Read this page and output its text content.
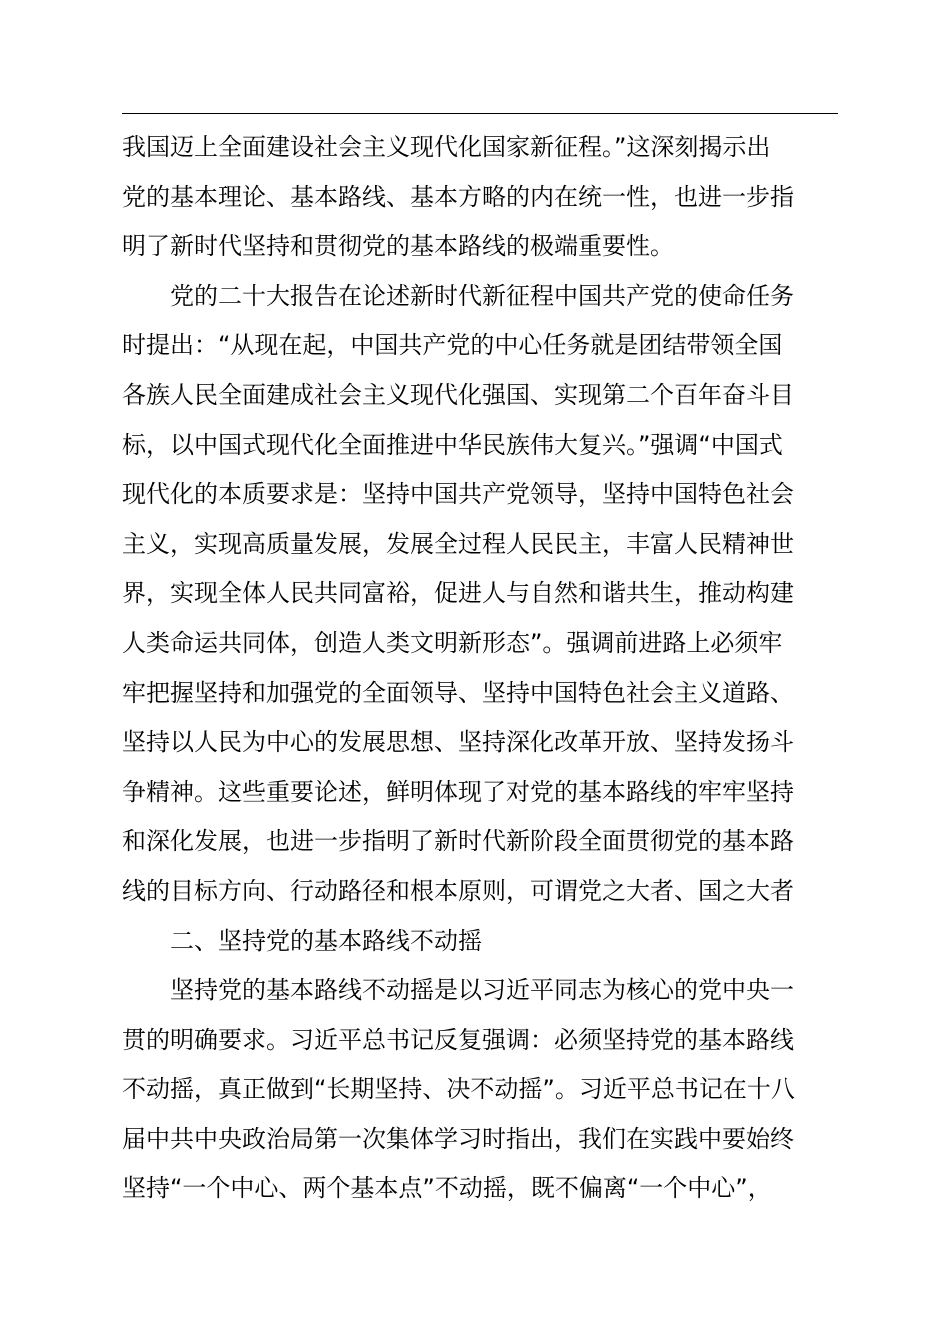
我国迈上全面建设社会主义现代化国家新征程。”这深刻揭示出
党的基本理论、基本路线、基本方略的内在统一性，也进一步指
明了新时代坚持和贯彻党的基本路线的极端重要性。
党的二十大报告在论述新时代新征程中国共产党的使命任务
时提出：“从现在起，中国共产党的中心任务就是团结带领全国
各族人民全面建成社会主义现代化强国、实现第二个百年奋斗目
标，以中国式现代化全面推进中华民族伟大复兴。”强调“中国式
现代化的本质要求是：坚持中国共产党领导，坚持中国特色社会
主义，实现高质量发展，发展全过程人民民主，丰富人民精神世
界，实现全体人民共同富裕，促进人与自然和谐共生，推动构建
人类命运共同体，创造人类文明新形态”。强调前进路上必须牢
牢把握坚持和加强党的全面领导、坚持中国特色社会主义道路、
坚持以人民为中心的发展思想、坚持深化改革开放、坚持发扬斗
争精神。这些重要论述，鲜明体现了对党的基本路线的牢牢坚持
和深化发展，也进一步指明了新时代新阶段全面贯彻党的基本路
线的目标方向、行动路径和根本原则，可谓党之大者、国之大者
二、坚持党的基本路线不动摇
坚持党的基本路线不动摇是以习近平同志为核心的党中央一
贯的明确要求。习近平总书记反复强调：必须坚持党的基本路线
不动摇，真正做到“长期坚持、决不动摇”。习近平总书记在十八
届中共中央政治局第一次集体学习时指出，我们在实践中要始终
坚持“一个中心、两个基本点”不动摇，既不偏离“一个中心”，
